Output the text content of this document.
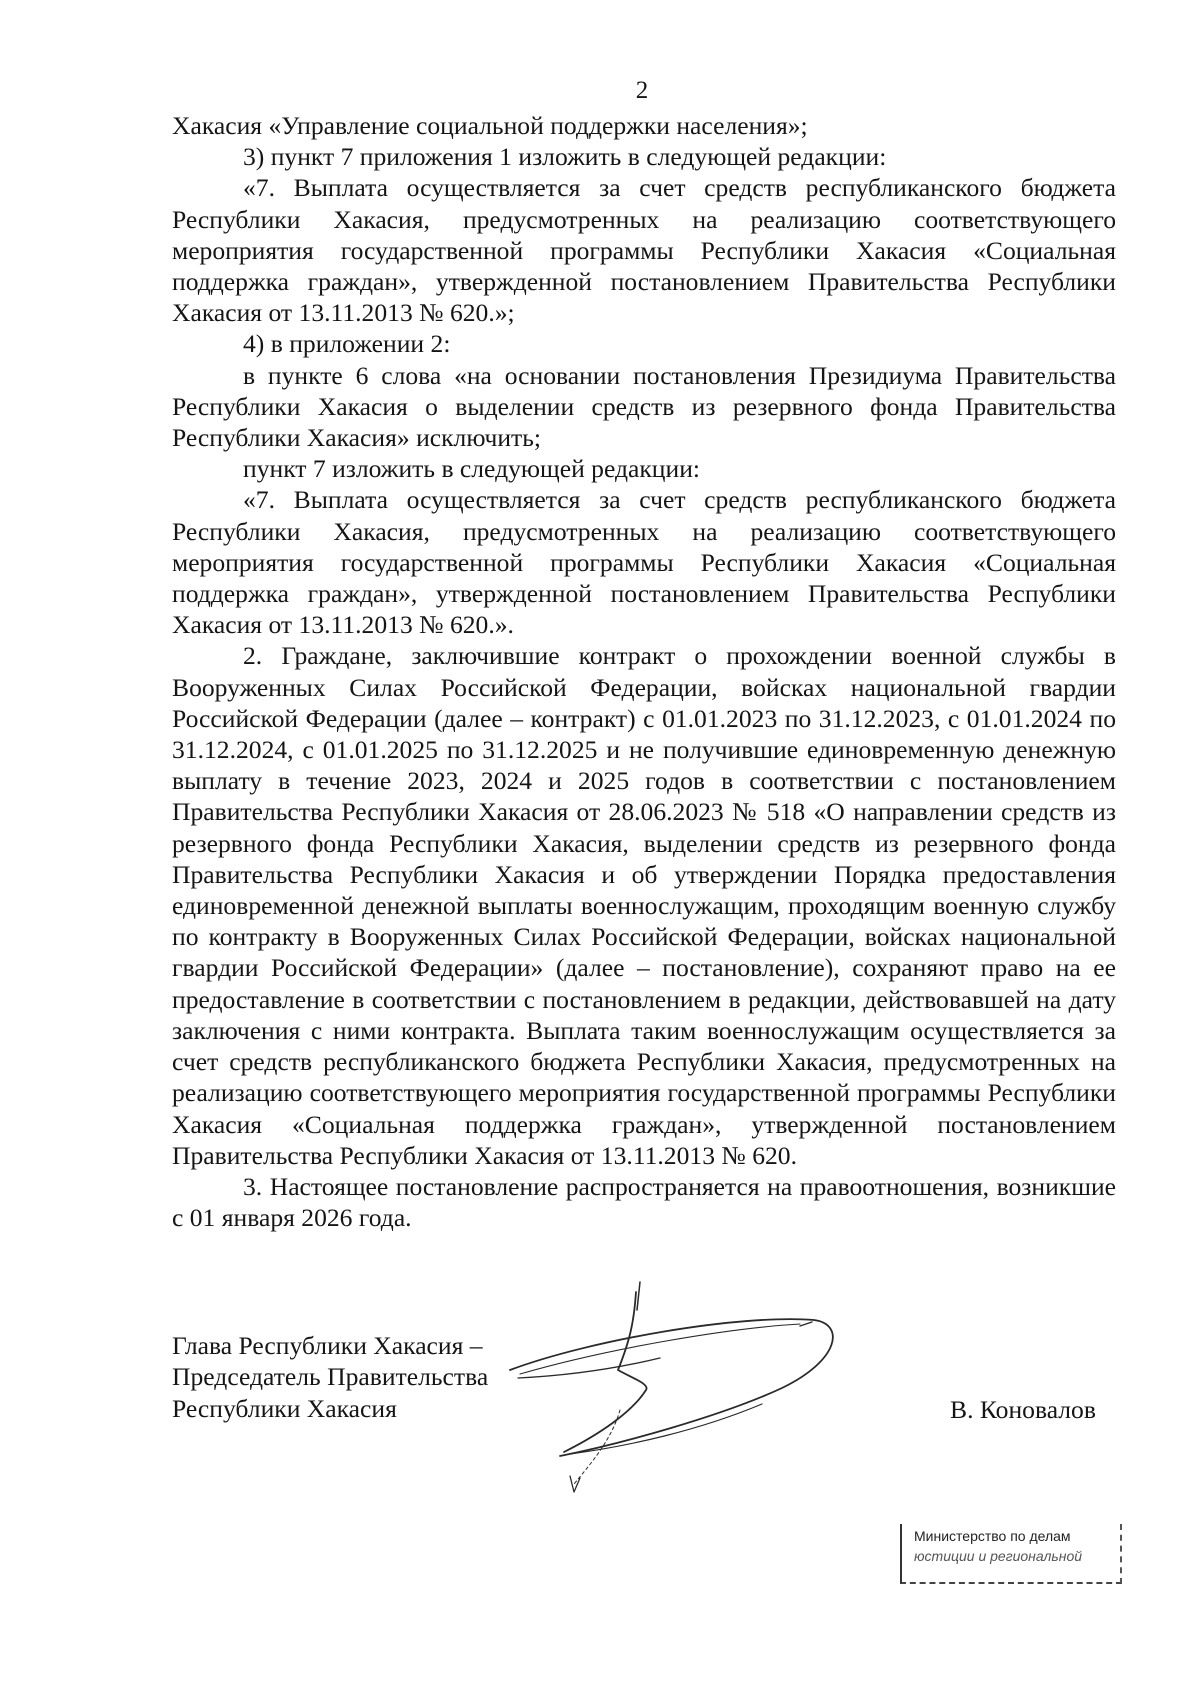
2

Хакасия «Управление социальной поддержки населения»;

3) пункт 7 приложения 1 изложить в следующей редакции:

«7. Выплата осуществляется за счет средств республиканского бюджета Республики Хакасия, предусмотренных на реализацию соответствующего мероприятия государственной программы Республики Хакасия «Социальная поддержка граждан», утвержденной постановлением Правительства Республики Хакасия от 13.11.2013 № 620.»;

4) в приложении 2:

в пункте 6 слова «на основании постановления Президиума Правительства Республики Хакасия о выделении средств из резервного фонда Правительства Республики Хакасия» исключить;

пункт 7 изложить в следующей редакции:

«7. Выплата осуществляется за счет средств республиканского бюджета Республики Хакасия, предусмотренных на реализацию соответствующего мероприятия государственной программы Республики Хакасия «Социальная поддержка граждан», утвержденной постановлением Правительства Республики Хакасия от 13.11.2013 № 620.».

2. Граждане, заключившие контракт о прохождении военной службы в Вооруженных Силах Российской Федерации, войсках национальной гвардии Российской Федерации (далее – контракт) с 01.01.2023 по 31.12.2023, с 01.01.2024 по 31.12.2024, с 01.01.2025 по 31.12.2025 и не получившие единовременную денежную выплату в течение 2023, 2024 и 2025 годов в соответствии с постановлением Правительства Республики Хакасия от 28.06.2023 № 518 «О направлении средств из резервного фонда Республики Хакасия, выделении средств из резервного фонда Правительства Республики Хакасия и об утверждении Порядка предоставления единовременной денежной выплаты военнослужащим, проходящим военную службу по контракту в Вооруженных Силах Российской Федерации, войсках национальной гвардии Российской Федерации» (далее – постановление), сохраняют право на ее предоставление в соответствии с постановлением в редакции, действовавшей на дату заключения с ними контракта. Выплата таким военнослужащим осуществляется за счет средств республиканского бюджета Республики Хакасия, предусмотренных на реализацию соответствующего мероприятия государственной программы Республики Хакасия «Социальная поддержка граждан», утвержденной постановлением Правительства Республики Хакасия от 13.11.2013 № 620.

3. Настоящее постановление распространяется на правоотношения, возникшие с 01 января 2026 года.

Глава Республики Хакасия –
Председатель Правительства
Республики Хакасия	В. Коновалов
Министерство по делам
юстиции и региональной
